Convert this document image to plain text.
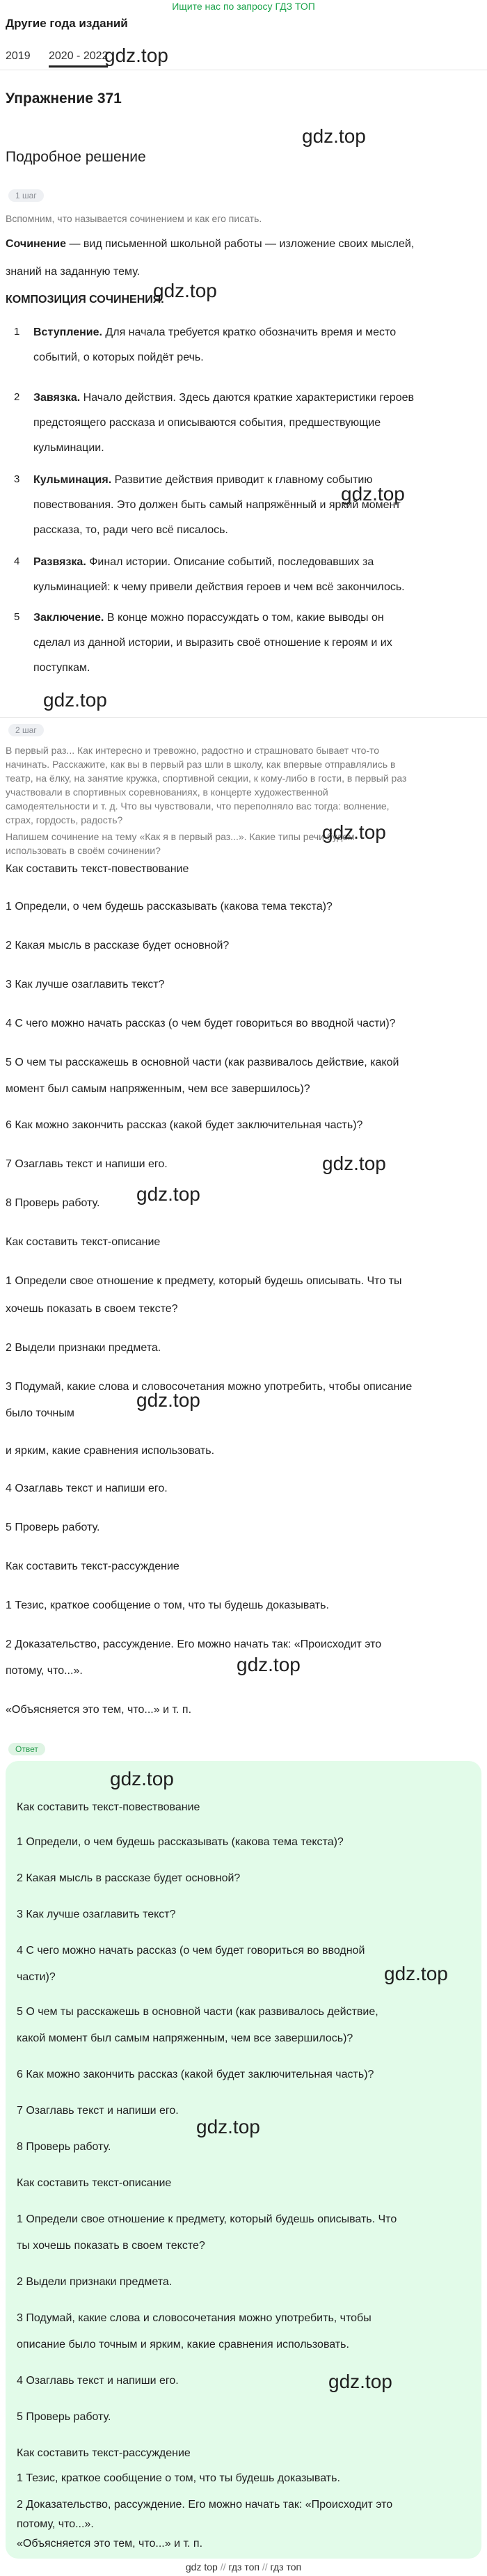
Ищите нас по запросу ГДЗ ТОП
Другие года изданий
2019 2020 - 2022
gdz.top
Упражнение 371
gdz.top
Подробное решение
1 шаг
Вспомним, что называется сочинением и как его писать.
Сочинение — вид письменной школьной работы — изложение своих мыслей,
знаний на заданную тему.
КОМПОЗИЦИЯ СОЧИНЕНИЯ.
gdz.top
1 Вступление. Для начала требуется кратко обозначить время и место
событий, о которых пойдёт речь.
2 Завязка. Начало действия. Здесь даются краткие характеристики героев
предстоящего рассказа и описываются события, предшествующие
кульминации.
gdz.top
3 Кульминация. Развитие действия приводит к главному событию
повествования. Это должен быть самый напряжённый и яркий момент
рассказа, то, ради чего всё писалось.
4 Развязка. Финал истории. Описание событий, последовавших за
кульминацией: к чему привели действия героев и чем всё закончилось.
5 Заключение. В конце можно порассуждать о том, какие выводы он
сделал из данной истории, и выразить своё отношение к героям и их
поступкам.
gdz.top
2 шаг
В первый раз... Как интересно и тревожно, радостно и страшновато бывает что-то
начинать. Расскажите, как вы в первый раз шли в школу, как впервые отправлялись в
театр, на ёлку, на занятие кружка, спортивной секции, к кому-либо в гости, в первый раз
участвовали в спортивных соревнованиях, в концерте художественной
самодеятельности и т. д. Что вы чувствовали, что переполняло вас тогда: волнение,
страх, гордость, радость?
Напишем сочинение на тему «Как я в первый раз...». Какие типы речи будем
использовать в своём сочинении?
gdz.top
Как составить текст-повествование
1 Определи, о чем будешь рассказывать (какова тема текста)?
2 Какая мысль в рассказе будет основной?
3 Как лучше озаглавить текст?
4 С чего можно начать рассказ (о чем будет говориться во вводной части)?
5 О чем ты расскажешь в основной части (как развивалось действие, какой
момент был самым напряженным, чем все завершилось)?
6 Как можно закончить рассказ (какой будет заключительная часть)?
gdz.top
7 Озаглавь текст и напиши его.
gdz.top
8 Проверь работу.
Как составить текст-описание
1 Определи свое отношение к предмету, который будешь описывать. Что ты
хочешь показать в своем тексте?
2 Выдели признаки предмета.
3 Подумай, какие слова и словосочетания можно употребить, чтобы описание
было точным
gdz.top
и ярким, какие сравнения использовать.
4 Озаглавь текст и напиши его.
5 Проверь работу.
Как составить текст-рассуждение
1 Тезис, краткое сообщение о том, что ты будешь доказывать.
2 Доказательство, рассуждение. Его можно начать так: «Происходит это
потому, что...».	gdz.top
«Объясняется это тем, что...» и т. п.
Ответ
gdz.top
Как составить текст-повествование
1 Определи, о чем будешь рассказывать (какова тема текста)?
2 Какая мысль в рассказе будет основной?
3 Как лучше озаглавить текст?
4 С чего можно начать рассказ (о чем будет говориться во вводной
части)?	gdz.top
5 О чем ты расскажешь в основной части (как развивалось действие,
какой момент был самым напряженным, чем все завершилось)?
6 Как можно закончить рассказ (какой будет заключительная часть)?
7 Озаглавь текст и напиши его.
8 Проверь работу.
gdz.top
Как составить текст-описание
1 Определи свое отношение к предмету, который будешь описывать. Что
ты хочешь показать в своем тексте?
2 Выдели признаки предмета.
3 Подумай, какие слова и словосочетания можно употребить, чтобы
описание было точным и ярким, какие сравнения использовать.
4 Озаглавь текст и напиши его.	gdz.top
5 Проверь работу.
Как составить текст-рассуждение
1 Тезис, краткое сообщение о том, что ты будешь доказывать.
2 Доказательство, рассуждение. Его можно начать так: «Происходит это
потому, что...».
«Объясняется это тем, что...» и т. п.
gdz top // гдз топ // гдз топ
